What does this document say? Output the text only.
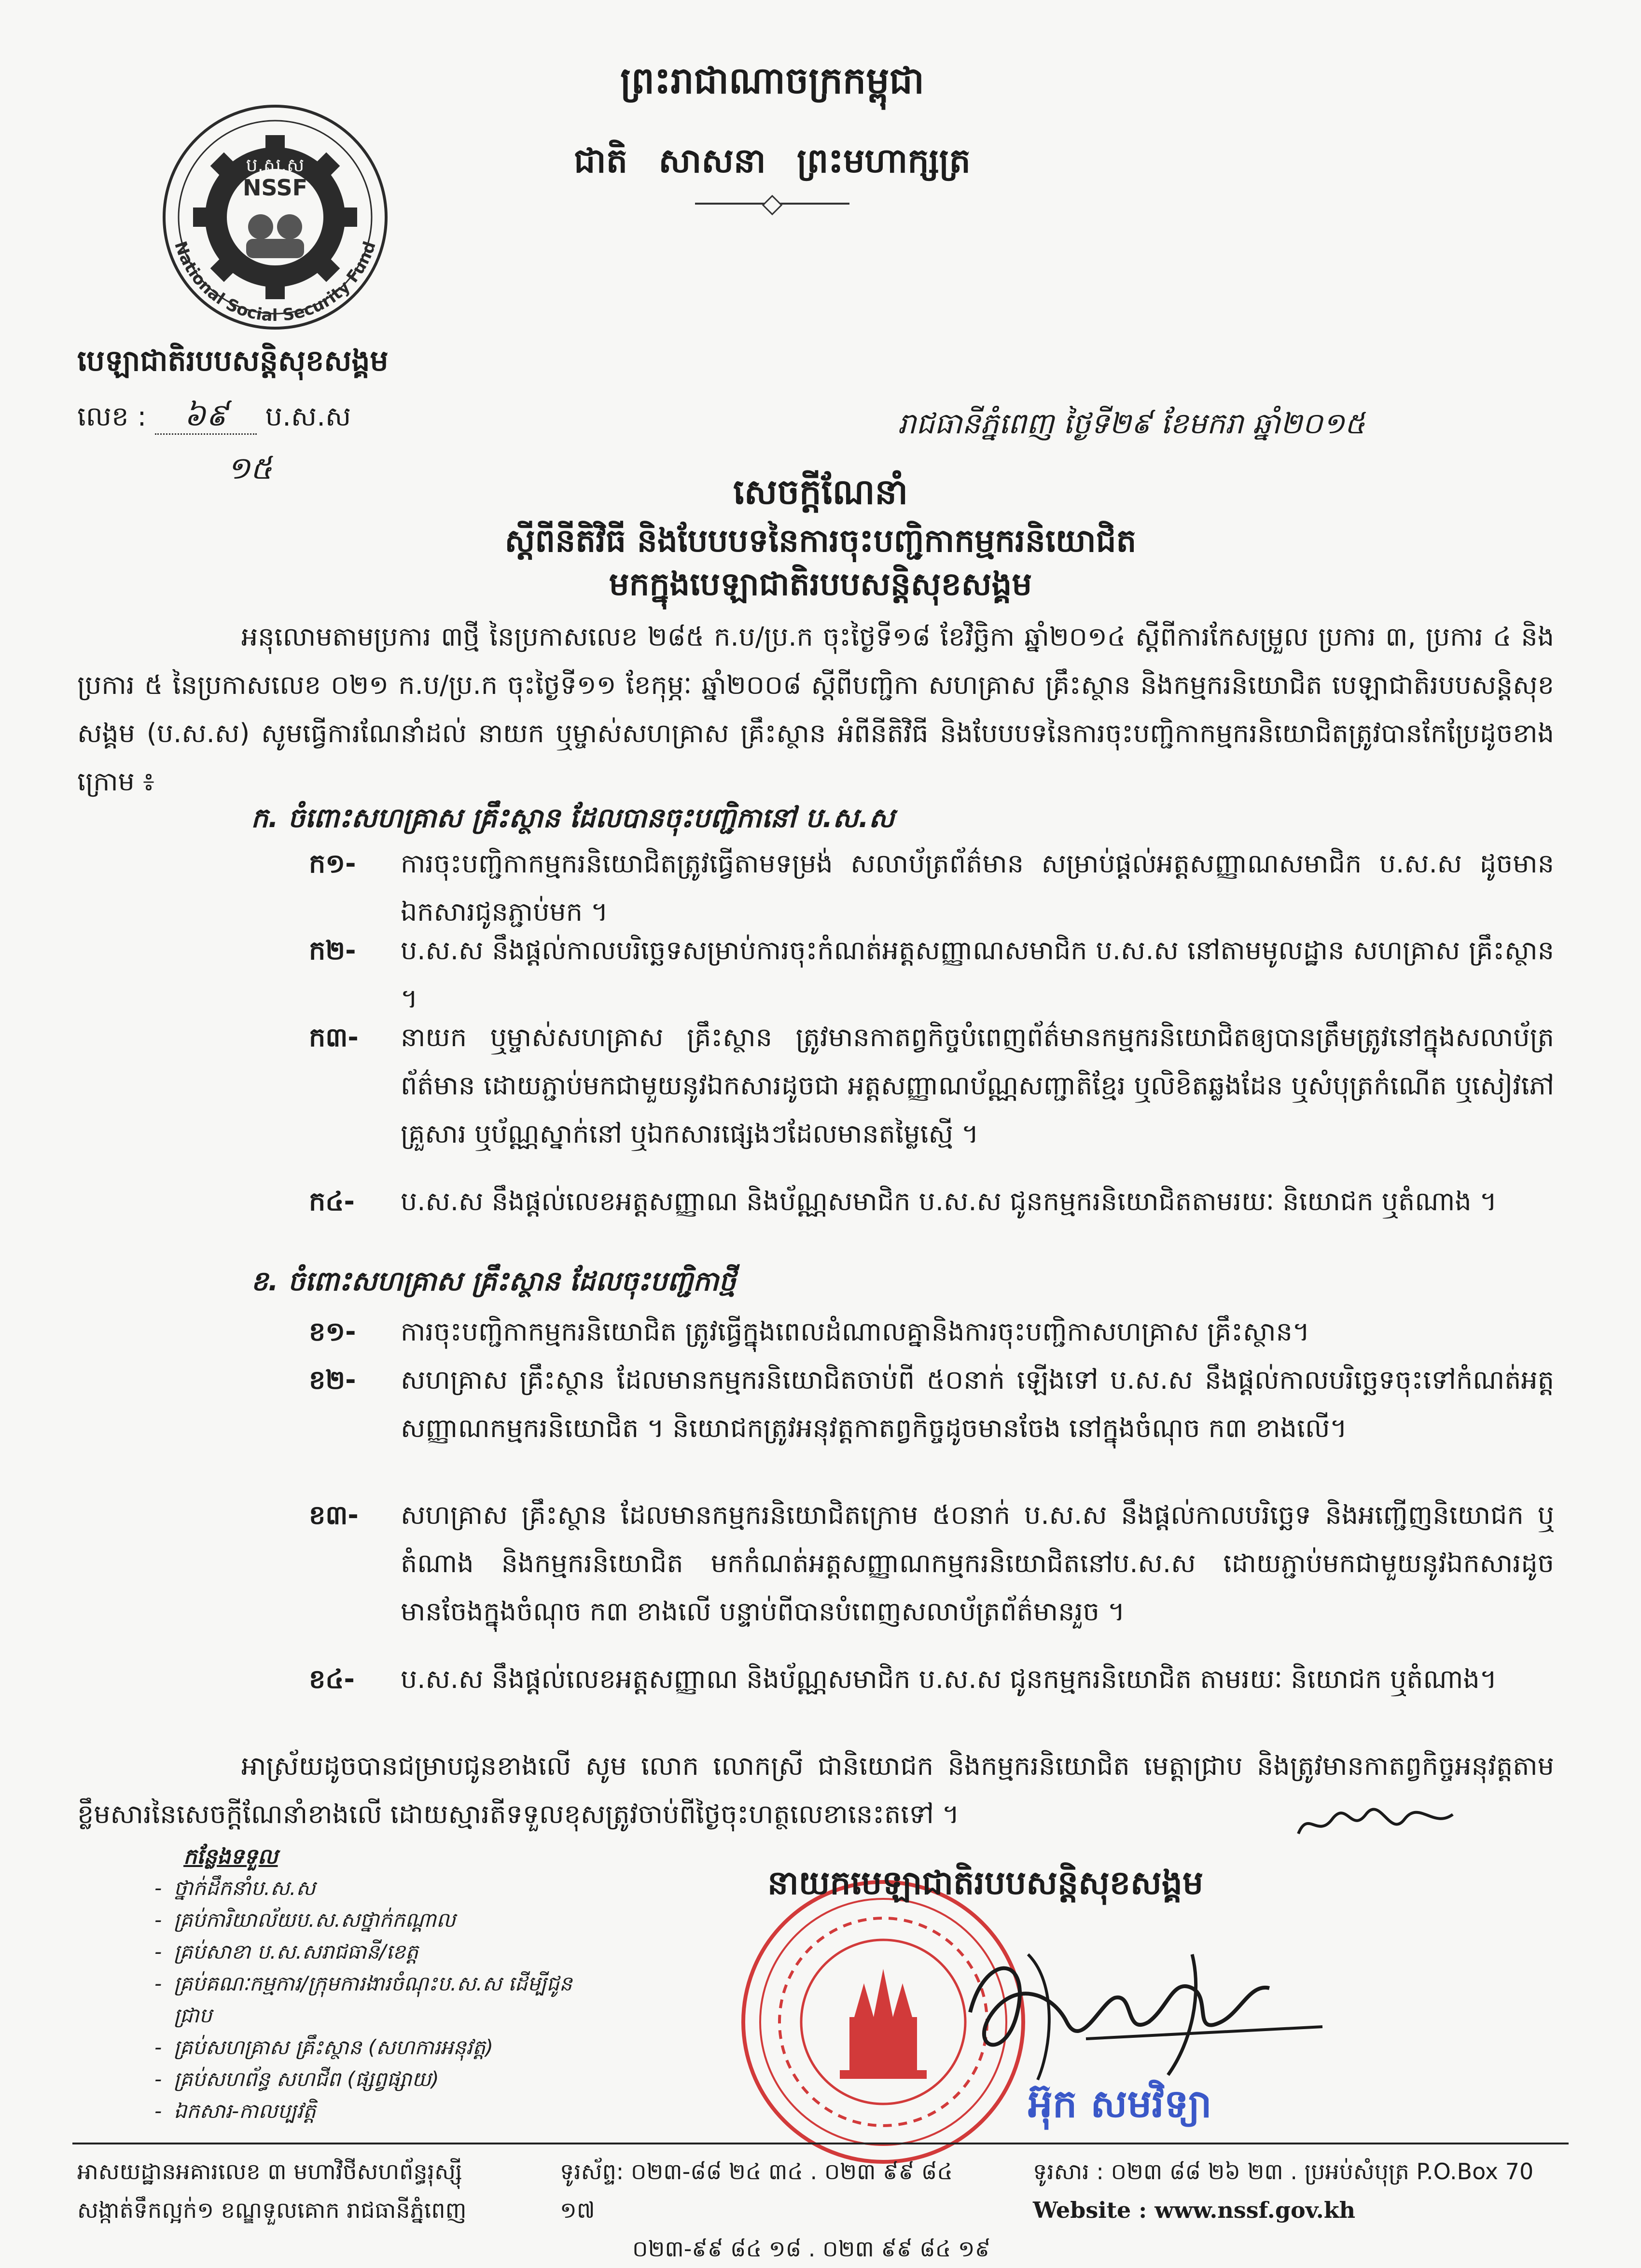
ព្រះរាជាណាចក្រកម្ពុជា
ជាតិ សាសនា ព្រះមហាក្សត្រ
ប.ស.ស
NSSF
National Social Security Fund
បេឡាជាតិរបបសន្តិសុខសង្គម
លេខ : ៦៩ ប.ស.ស
១៥
រាជធានីភ្នំពេញ ថ្ងៃទី២៩ ខែមករា ឆ្នាំ២០១៥
សេចក្តីណែនាំ
ស្តីពីនីតិវិធី និងបែបបទនៃការចុះបញ្ជិកាកម្មករនិយោជិត
មកក្នុងបេឡាជាតិរបបសន្តិសុខសង្គម
អនុលោមតាមប្រការ ៣ថ្មី នៃប្រកាសលេខ ២៨៥ ក.ប/ប្រ.ក ចុះថ្ងៃទី១៨ ខែវិច្ឆិកា ឆ្នាំ២០១៤ ស្តីពីការកែសម្រួល ប្រការ ៣, ប្រការ ៤ និងប្រការ ៥ នៃប្រកាសលេខ ០២១ ក.ប/ប្រ.ក ចុះថ្ងៃទី១១ ខែកុម្ភៈ ឆ្នាំ២០០៨ ស្តីពីបញ្ជិកា សហគ្រាស គ្រឹះស្ថាន និងកម្មករនិយោជិត បេឡាជាតិរបបសន្តិសុខសង្គម (ប.ស.ស) សូមធ្វើការណែនាំដល់ នាយក ឬម្ចាស់សហគ្រាស គ្រឹះស្ថាន អំពីនីតិវិធី និងបែបបទនៃការចុះបញ្ជិកាកម្មករនិយោជិតត្រូវបានកែប្រែដូចខាងក្រោម ៖
ក. ចំពោះសហគ្រាស គ្រឹះស្ថាន ដែលបានចុះបញ្ជិកានៅ ប.ស.ស
ក១-	ការចុះបញ្ជិកាកម្មករនិយោជិតត្រូវធ្វើតាមទម្រង់ សលាប័ត្រព័ត៌មាន សម្រាប់ផ្តល់អត្តសញ្ញាណសមាជិក ប.ស.ស ដូចមានឯកសារជូនភ្ជាប់មក ។
ក២-	ប.ស.ស នឹងផ្តល់កាលបរិច្ឆេទសម្រាប់ការចុះកំណត់អត្តសញ្ញាណសមាជិក ប.ស.ស នៅតាមមូលដ្ឋាន សហគ្រាស គ្រឹះស្ថាន ។
ក៣-	នាយក ឬម្ចាស់សហគ្រាស គ្រឹះស្ថាន ត្រូវមានកាតព្វកិច្ចបំពេញព័ត៌មានកម្មករនិយោជិតឲ្យបានត្រឹមត្រូវនៅក្នុងសលាប័ត្រព័ត៌មាន ដោយភ្ជាប់មកជាមួយនូវឯកសារដូចជា អត្តសញ្ញាណប័ណ្ណសញ្ជាតិខ្មែរ ឬលិខិតឆ្លងដែន ឬសំបុត្រកំណើត ឬសៀវភៅគ្រួសារ ឬប័ណ្ណស្នាក់នៅ ឬឯកសារផ្សេងៗដែលមានតម្លៃស្មើ ។
ក៤-	ប.ស.ស នឹងផ្តល់លេខអត្តសញ្ញាណ និងប័ណ្ណសមាជិក ប.ស.ស ជូនកម្មករនិយោជិតតាមរយៈ និយោជក ឬតំណាង ។
ខ. ចំពោះសហគ្រាស គ្រឹះស្ថាន ដែលចុះបញ្ជិកាថ្មី
ខ១-	ការចុះបញ្ជិកាកម្មករនិយោជិត ត្រូវធ្វើក្នុងពេលដំណាលគ្នានិងការចុះបញ្ជិកាសហគ្រាស គ្រឹះស្ថាន។
ខ២-	សហគ្រាស គ្រឹះស្ថាន ដែលមានកម្មករនិយោជិតចាប់ពី ៥០នាក់ ឡើងទៅ ប.ស.ស នឹងផ្តល់កាលបរិច្ឆេទចុះទៅកំណត់អត្តសញ្ញាណកម្មករនិយោជិត ។ និយោជកត្រូវអនុវត្តកាតព្វកិច្ចដូចមានចែង នៅក្នុងចំណុច ក៣ ខាងលើ។
ខ៣-	សហគ្រាស គ្រឹះស្ថាន ដែលមានកម្មករនិយោជិតក្រោម ៥០នាក់ ប.ស.ស នឹងផ្តល់កាលបរិច្ឆេទ និងអញ្ជើញនិយោជក ឬតំណាង និងកម្មករនិយោជិត មកកំណត់អត្តសញ្ញាណកម្មករនិយោជិតនៅប.ស.ស ដោយភ្ជាប់មកជាមួយនូវឯកសារដូចមានចែងក្នុងចំណុច ក៣ ខាងលើ បន្ទាប់ពីបានបំពេញសលាប័ត្រព័ត៌មានរួច ។
ខ៤-	ប.ស.ស នឹងផ្តល់លេខអត្តសញ្ញាណ និងប័ណ្ណសមាជិក ប.ស.ស ជូនកម្មករនិយោជិត តាមរយៈ និយោជក ឬតំណាង។
អាស្រ័យដូចបានជម្រាបជូនខាងលើ សូម លោក លោកស្រី ជានិយោជក និងកម្មករនិយោជិត មេត្តាជ្រាប និងត្រូវមានកាតព្វកិច្ចអនុវត្តតាមខ្លឹមសារនៃសេចក្តីណែនាំខាងលើ ដោយស្មារតីទទួលខុសត្រូវចាប់ពីថ្ងៃចុះហត្ថលេខានេះតទៅ ។
កន្លែងទទួល
- ថ្នាក់ដឹកនាំប.ស.ស
- គ្រប់ការិយាល័យប.ស.សថ្នាក់កណ្តាល
- គ្រប់សាខា ប.ស.សរាជធានី/ខេត្ត
- គ្រប់គណៈកម្មការ/ក្រុមការងារចំណុះប.ស.ស ដើម្បីជូនជ្រាប
- គ្រប់សហគ្រាស គ្រឹះស្ថាន (សហការអនុវត្ត)
- គ្រប់សហព័ន្ធ សហជីព (ផ្សព្វផ្សាយ)
- ឯកសារ-កាលប្បវត្តិ
នាយកបេឡាជាតិរបបសន្តិសុខសង្គម
អ៊ុក សមវិទ្យា
អាសយដ្ឋានអគារលេខ ៣ មហាវិថីសហព័ន្ធរុស្ស៊ី
សង្កាត់ទឹកល្អក់១ ខណ្ឌទួលគោក រាជធានីភ្នំពេញ
ទូរស័ព្ទ: ០២៣-៨៨ ២៤ ៣៤ . ០២៣ ៩៩ ៨៤ ១៧
០២៣-៩៩ ៨៤ ១៨ . ០២៣ ៩៩ ៨៤ ១៩
ទូរសារ : ០២៣ ៨៨ ២៦ ២៣ . ប្រអប់សំបុត្រ P.O.Box 70
Website : www.nssf.gov.kh
